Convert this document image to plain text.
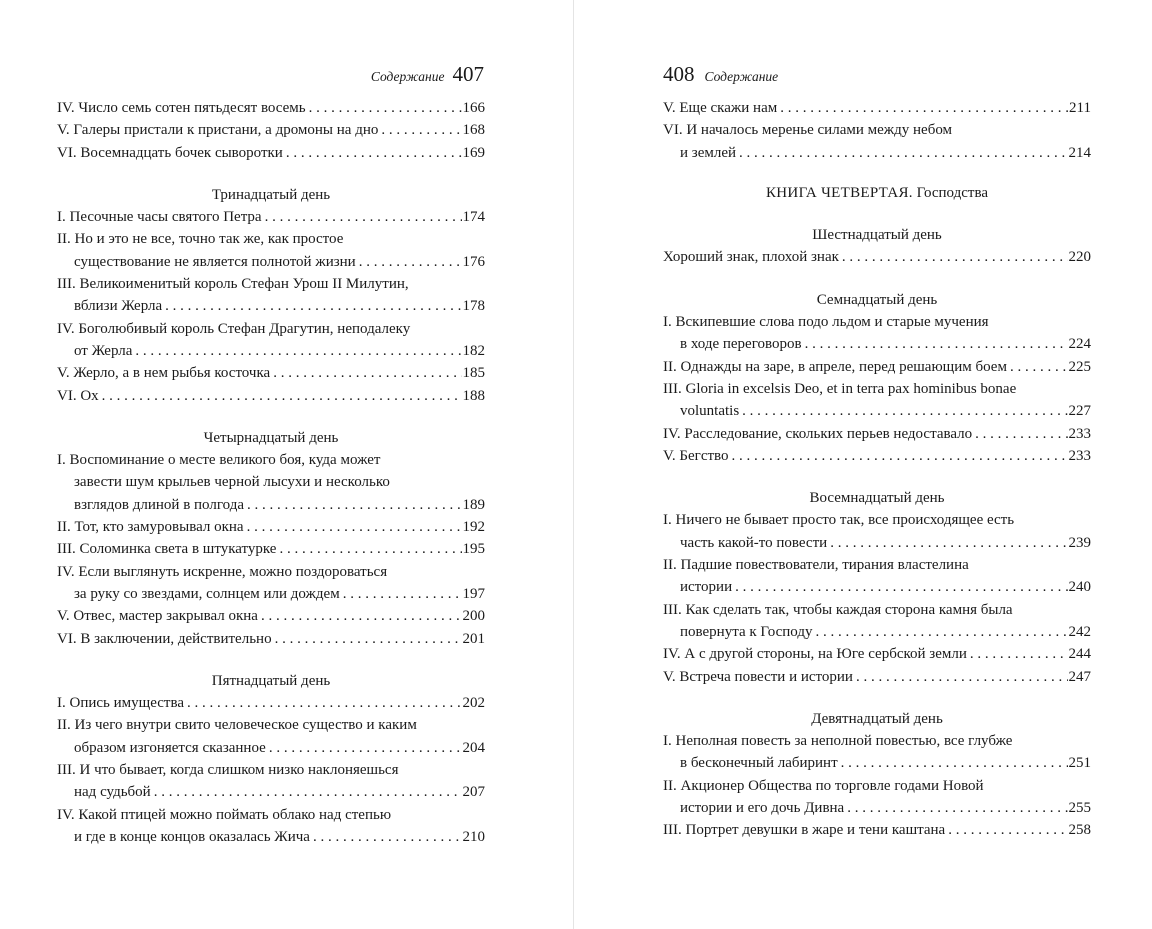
Содержание 407
IV. Число семь сотен пятьдесят восемь . . .	166
V. Галеры пристали к пристани, а дромоны на дно . . .	168
VI. Восемнадцать бочек сыворотки . . .	169
Тринадцатый день
I. Песочные часы святого Петра . . .	174
II. Но и это не все, точно так же, как простое
существование не является полнотой жизни . . .	176
III. Великоименитый король Стефан Урош II Милутин,
вблизи Жерла . . .	178
IV. Боголюбивый король Стефан Драгутин, неподалеку
от Жерла . . .	182
V. Жерло, а в нем рыбья косточка . . .	185
VI. Ох . . .	188
Четырнадцатый день
I. Воспоминание о месте великого боя, куда может
завести шум крыльев черной лысухи и несколько
взглядов длиной в полгода . . .	189
II. Тот, кто замуровывал окна . . .	192
III. Соломинка света в штукатурке . . .	195
IV. Если выглянуть искренне, можно поздороваться
за руку со звездами, солнцем или дождем . . .	197
V. Отвес, мастер закрывал окна . . .	200
VI. В заключении, действительно . . .	201
Пятнадцатый день
I. Опись имущества . . .	202
II. Из чего внутри свито человеческое существо и каким
образом изгоняется сказанное . . .	204
III. И что бывает, когда слишком низко наклоняешься
над судьбой . . .	207
IV. Какой птицей можно поймать облако над степью
и где в конце концов оказалась Жича . . .	210
408 Содержание
V. Еще скажи нам . . .	211
VI. И началось меренье силами между небом
и землей . . .	214
КНИГА ЧЕТВЕРТАЯ. Господства
Шестнадцатый день
Хороший знак, плохой знак . . .	220
Семнадцатый день
I. Вскипевшие слова подо льдом и старые мучения
в ходе переговоров . . .	224
II. Однажды на заре, в апреле, перед решающим боем . . .	225
III. Gloria in excelsis Deo, et in terra pax hominibus bonae
voluntatis . . .	227
IV. Расследование, скольких перьев недоставало . . .	233
V. Бегство . . .	233
Восемнадцатый день
I. Ничего не бывает просто так, все происходящее есть
часть какой-то повести . . .	239
II. Падшие повествователи, тирания властелина
истории . . .	240
III. Как сделать так, чтобы каждая сторона камня была
повернута к Господу . . .	242
IV. А с другой стороны, на Юге сербской земли . . .	244
V. Встреча повести и истории . . .	247
Девятнадцатый день
I. Неполная повесть за неполной повестью, все глубже
в бесконечный лабиринт . . .	251
II. Акционер Общества по торговле годами Новой
истории и его дочь Дивна . . .	255
III. Портрет девушки в жаре и тени каштана . . .	258
